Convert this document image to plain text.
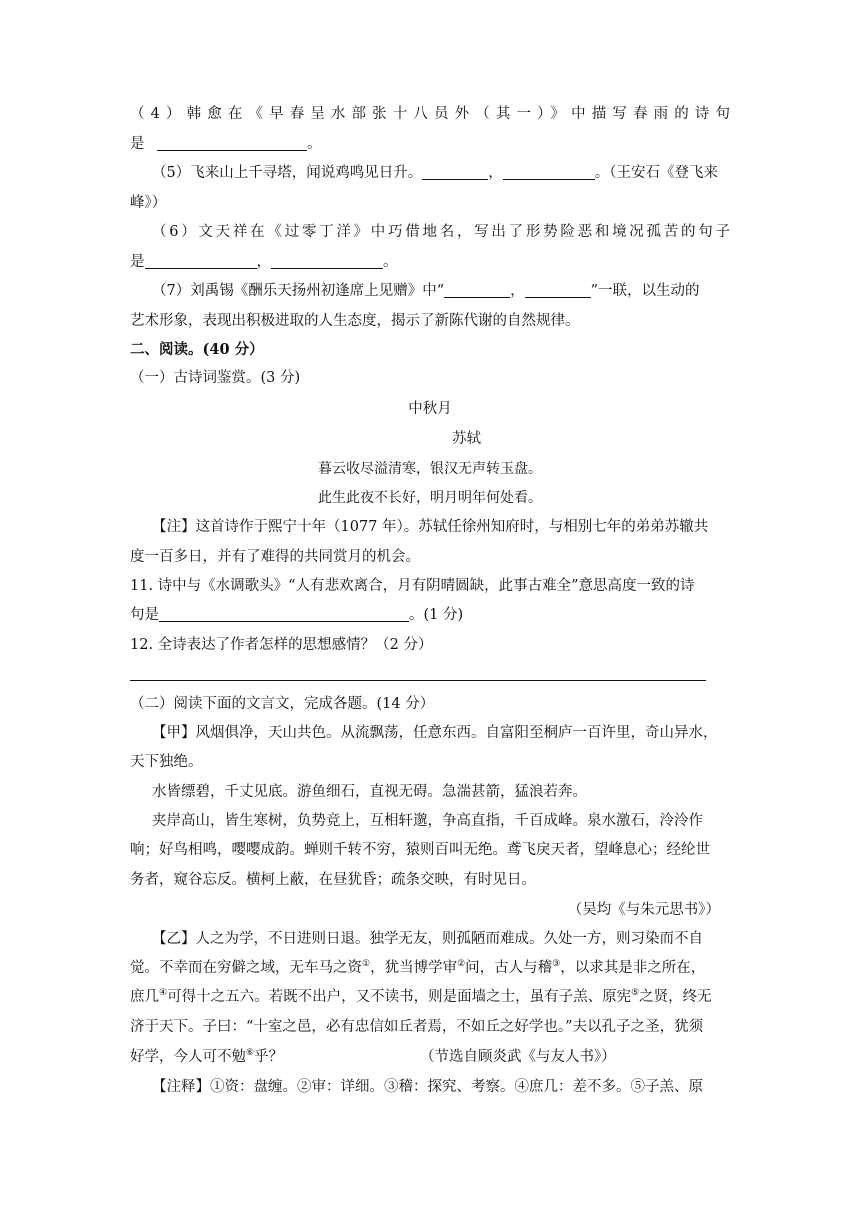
（4）韩愈在《早春呈水部张十八员外（其一）》中描写春雨的诗句
是	。
（5）飞来山上千寻塔，闻说鸡鸣见日升。	，	。（王安石《登飞来
峰》）
（6）文天祥在《过零丁洋》中巧借地名，写出了形势险恶和境况孤苦的句子
是	，	。
（7）刘禹锡《酬乐天扬州初逢席上见赠》中“	，	”一联，以生动的
艺术形象，表现出积极进取的人生态度，揭示了新陈代谢的自然规律。
二、阅读。(40 分）
（一）古诗词鉴赏。(3 分)
中秋月
苏轼
暮云收尽溢清寒，银汉无声转玉盘。
此生此夜不长好，明月明年何处看。
【注】这首诗作于熙宁十年（1077 年）。苏轼任徐州知府时，与相别七年的弟弟苏辙共
度一百多日，并有了难得的共同赏月的机会。
11. 诗中与《水调歌头》“人有悲欢离合，月有阴晴圆缺，此事古难全”意思高度一致的诗
句是	。(1 分)
12. 全诗表达了作者怎样的思想感情？（2 分）
（二）阅读下面的文言文，完成各题。(14 分）
【甲】风烟俱净，天山共色。从流飘荡，任意东西。自富阳至桐庐一百许里，奇山异水，
天下独绝。
水皆缥碧，千丈见底。游鱼细石，直视无碍。急湍甚箭，猛浪若奔。
夹岸高山，皆生寒树，负势竞上，互相轩邈，争高直指，千百成峰。泉水激石，泠泠作
响；好鸟相鸣，嘤嘤成韵。蝉则千转不穷，猿则百叫无绝。鸢飞戾天者，望峰息心；经纶世
务者，窥谷忘反。横柯上蔽，在昼犹昏；疏条交映，有时见日。
（吴均《与朱元思书》）
【乙】人之为学，不日进则日退。独学无友，则孤陋而难成。久处一方，则习染而不自
觉。不幸而在穷僻之域，无车马之资①，犹当博学审②问，古人与稽③，以求其是非之所在，
庶几④可得十之五六。若既不出户，又不读书，则是面墙之士，虽有子羔、原宪⑤之贤，终无
济于天下。子曰：“十室之邑，必有忠信如丘者焉，不如丘之好学也。”夫以孔子之圣，犹须
好学，今人可不勉⑥乎？	（节选自顾炎武《与友人书》）
【注释】①资：盘缠。②审：详细。③稽：探究、考察。④庶几：差不多。⑤子羔、原
